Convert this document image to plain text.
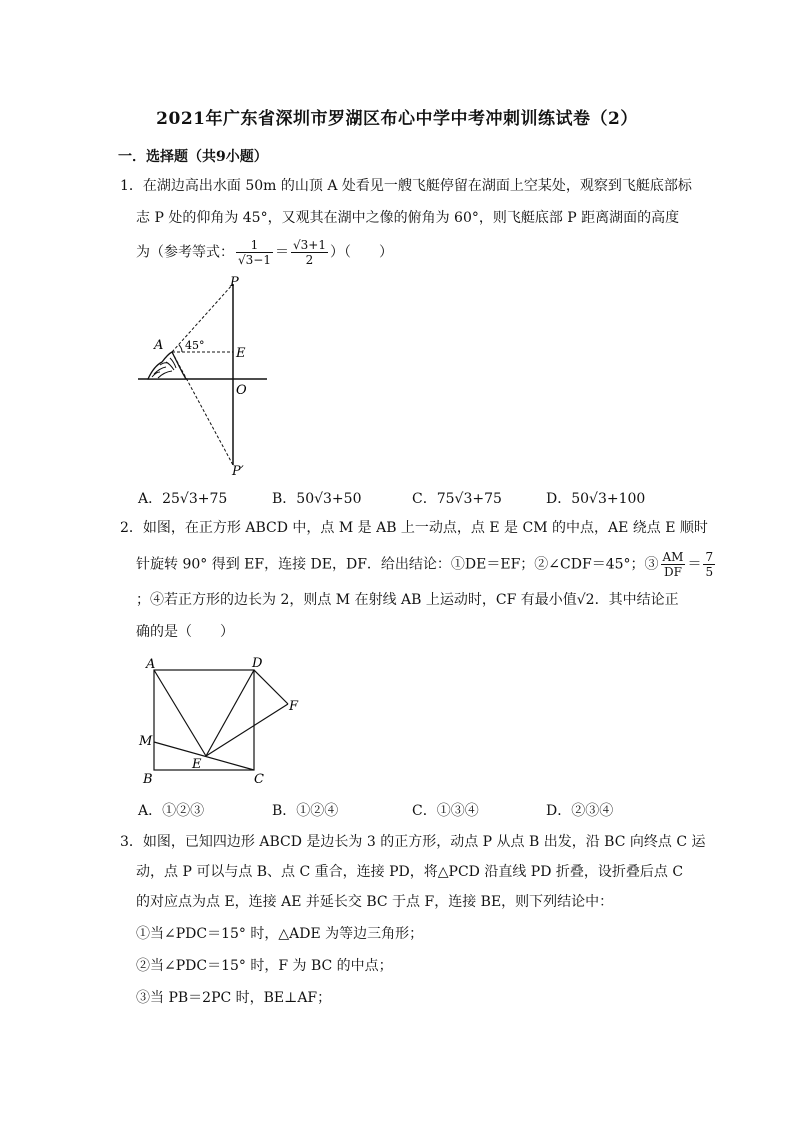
2021年广东省深圳市罗湖区布心中学中考冲刺训练试卷（2）
一．选择题（共9小题）
1．在湖边高出水面 50m 的山顶 A 处看见一艘飞艇停留在湖面上空某处，观察到飞艇底部标
志 P 处的仰角为 45°，又观其在湖中之像的俯角为 60°，则飞艇底部 P 距离湖面的高度
为（参考等式： $\frac{1}{√3-1} = \frac{√3+1}{2}$ ）（　　）
P
A 45°
E
O
P′
A．25√3+75	B．50√3+50	C．75√3+75	D．50√3+100
2．如图，在正方形 ABCD 中，点 M 是 AB 上一动点，点 E 是 CM 的中点，AE 绕点 E 顺时
针旋转 90° 得到 EF，连接 DE，DF．给出结论：①DE＝EF；②∠CDF＝45°；③ $\frac{AM}{DF} = \frac{7}{5}$
；④若正方形的边长为 2，则点 M 在射线 AB 上运动时，CF 有最小值√2．其中结论正
确的是（　　）
A	D
F
M
E
B	C
A．①②③	B．①②④	C．①③④	D．②③④
3．如图，已知四边形 ABCD 是边长为 3 的正方形，动点 P 从点 B 出发，沿 BC 向终点 C 运
动，点 P 可以与点 B、点 C 重合，连接 PD，将△PCD 沿直线 PD 折叠，设折叠后点 C
的对应点为点 E，连接 AE 并延长交 BC 于点 F，连接 BE，则下列结论中：
①当∠PDC＝15° 时，△ADE 为等边三角形；
②当∠PDC＝15° 时，F 为 BC 的中点；
③当 PB＝2PC 时，BE⊥AF；
